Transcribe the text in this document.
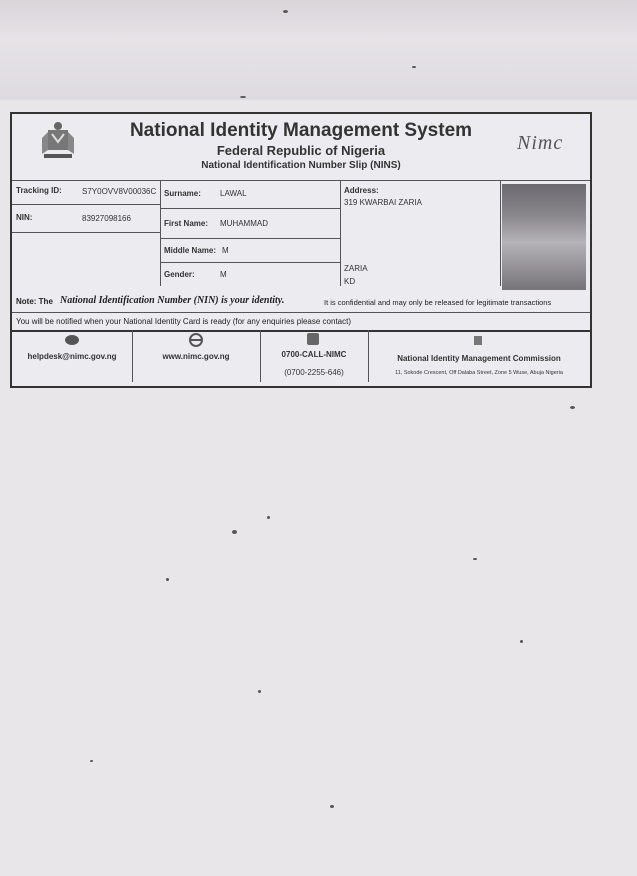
National Identity Management System
Federal Republic of Nigeria
National Identification Number Slip (NINS)
Nimc
Tracking ID:	S7Y0OVV8V00036C
NIN:	83927098166
Surname: LAWAL
First Name: MUHAMMAD
Middle Name: M
Gender:	M
Address:
319 KWARBAI ZARIA
ZARIA
KD
Note: The National Identification Number (NIN) is your identity.	It is confidential and may only be released for legitimate transactions
You will be notified when your National Identity Card is ready (for any enquiries please contact)
helpdesk@nimc.gov.ng	www.nimc.gov.ng	0700-CALL-NIMC
(0700-2255-646)
National Identity Management Commission
11, Sokode Crescent, Off Dalaba Street, Zone 5 Wuse, Abuja Nigeria
